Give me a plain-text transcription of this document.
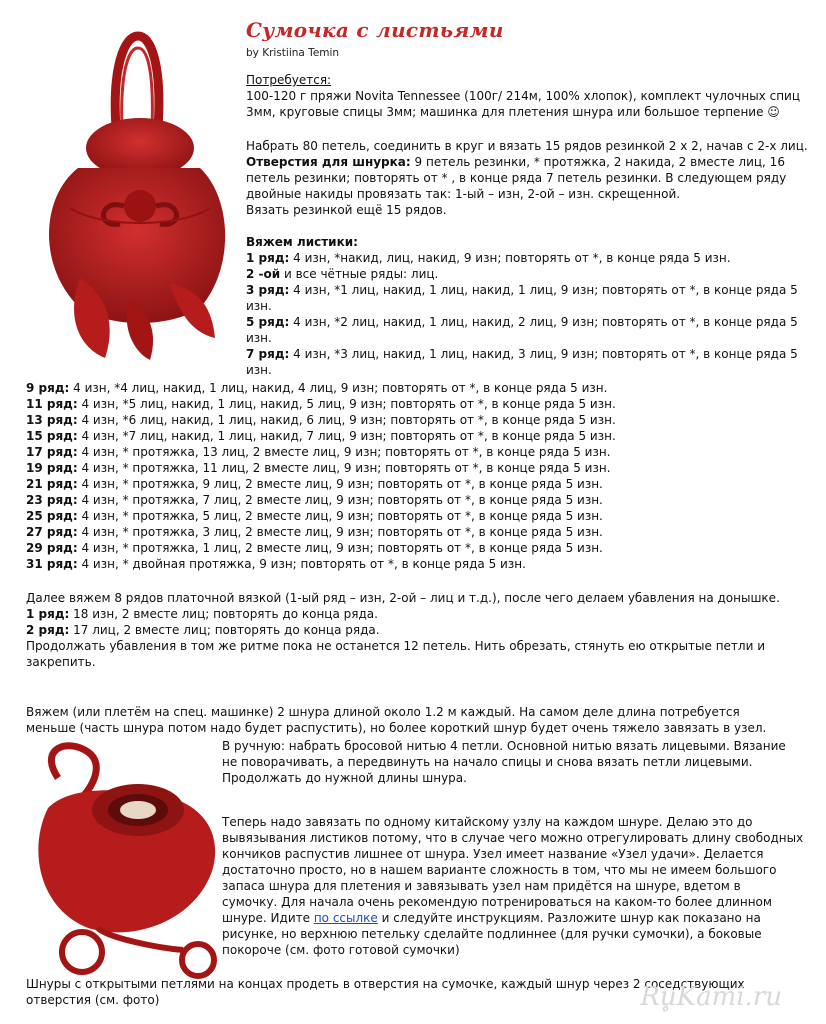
Сумочка с листьями
by Kristiina Temin
Потребуется:
100-120 г пряжи Novita Tennessee (100г/ 214м, 100% хлопок), комплект чулочных спиц
3мм, круговые спицы 3мм; машинка для плетения шнура или большое терпение ☺
Набрать 80 петель, соединить в круг и вязать 15 рядов резинкой 2 х 2, начав с 2-х лиц.
Отверстия для шнурка: 9 петель резинки, * протяжка, 2 накида, 2 вместе лиц, 16
петель резинки; повторять от * , в конце ряда 7 петель резинки. В следующем ряду
двойные накиды провязать так: 1-ый – изн, 2-ой – изн. скрещенной.
Вязать резинкой ещё 15 рядов.
Вяжем листики:
1 ряд: 4 изн, *накид, лиц, накид, 9 изн; повторять от *, в конце ряда 5 изн.
2 -ой и все чётные ряды: лиц.
3 ряд: 4 изн, *1 лиц, накид, 1 лиц, накид, 1 лиц, 9 изн; повторять от *, в конце ряда 5
изн.
5 ряд: 4 изн, *2 лиц, накид, 1 лиц, накид, 2 лиц, 9 изн; повторять от *, в конце ряда 5
изн.
7 ряд: 4 изн, *3 лиц, накид, 1 лиц, накид, 3 лиц, 9 изн; повторять от *, в конце ряда 5
изн.
9 ряд: 4 изн, *4 лиц, накид, 1 лиц, накид, 4 лиц, 9 изн; повторять от *, в конце ряда 5 изн.
11 ряд: 4 изн, *5 лиц, накид, 1 лиц, накид, 5 лиц, 9 изн; повторять от *, в конце ряда 5 изн.
13 ряд: 4 изн, *6 лиц, накид, 1 лиц, накид, 6 лиц, 9 изн; повторять от *, в конце ряда 5 изн.
15 ряд: 4 изн, *7 лиц, накид, 1 лиц, накид, 7 лиц, 9 изн; повторять от *, в конце ряда 5 изн.
17 ряд: 4 изн, * протяжка, 13 лиц, 2 вместе лиц, 9 изн; повторять от *, в конце ряда 5 изн.
19 ряд: 4 изн, * протяжка, 11 лиц, 2 вместе лиц, 9 изн; повторять от *, в конце ряда 5 изн.
21 ряд: 4 изн, * протяжка, 9 лиц, 2 вместе лиц, 9 изн; повторять от *, в конце ряда 5 изн.
23 ряд: 4 изн, * протяжка, 7 лиц, 2 вместе лиц, 9 изн; повторять от *, в конце ряда 5 изн.
25 ряд: 4 изн, * протяжка, 5 лиц, 2 вместе лиц, 9 изн; повторять от *, в конце ряда 5 изн.
27 ряд: 4 изн, * протяжка, 3 лиц, 2 вместе лиц, 9 изн; повторять от *, в конце ряда 5 изн.
29 ряд: 4 изн, * протяжка, 1 лиц, 2 вместе лиц, 9 изн; повторять от *, в конце ряда 5 изн.
31 ряд: 4 изн, * двойная протяжка, 9 изн; повторять от *, в конце ряда 5 изн.
Далее вяжем 8 рядов платочной вязкой (1-ый ряд – изн, 2-ой – лиц и т.д.), после чего делаем убавления на донышке.
1 ряд: 18 изн, 2 вместе лиц; повторять до конца ряда.
2 ряд: 17 лиц, 2 вместе лиц; повторять до конца ряда.
Продолжать убавления в том же ритме пока не останется 12 петель. Нить обрезать, стянуть ею открытые петли и
закрепить.
Вяжем (или плетём на спец. машинке) 2 шнура длиной около 1.2 м каждый. На самом деле длина потребуется
меньше (часть шнура потом надо будет распустить), но более короткий шнур будет очень тяжело завязать в узел.
В ручную: набрать бросовой нитью 4 петли. Основной нитью вязать лицевыми. Вязание
не поворачивать, а передвинуть на начало спицы и снова вязать петли лицевыми.
Продолжать до нужной длины шнура.
Теперь надо завязать по одному китайскому узлу на каждом шнуре. Делаю это до
вывязывания листиков потому, что в случае чего можно отрегулировать длину свободных
кончиков распустив лишнее от шнура. Узел имеет название «Узел удачи». Делается
достаточно просто, но в нашем варианте сложность в том, что мы не имеем большого
запаса шнура для плетения и завязывать узел нам придётся на шнуре, вдетом в
сумочку. Для начала очень рекомендую потренироваться на каком-то более длинном
шнуре. Идите по ссылке и следуйте инструкциям. Разложите шнур как показано на
рисунке, но верхнюю петельку сделайте подлиннее (для ручки сумочки), а боковые
покороче (см. фото готовой сумочки)
Шнуры с открытыми петлями на концах продеть в отверстия на сумочке, каждый шнур через 2 соседствующих
отверстия (см. фото)	Ru̥Kami.ru
